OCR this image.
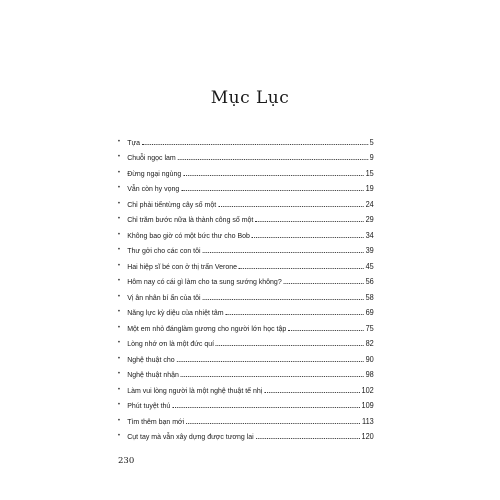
Mục Lục
• Tựa	5
• Chuỗi ngọc lam	9
• Đừng ngại ngùng	15
• Vẫn còn hy vọng	19
• Chỉ phải tiếntừng cây số một	24
• Chỉ trăm bước nữa là thành công số một	29
• Không bao giờ có một bức thư cho Bob	34
• Thư gởi cho các con tôi	39
• Hai hiệp sĩ bé con ở thị trấn Verone	45
• Hôm nay có cái gì làm cho ta sung sướng không?	56
• Vị ân nhân bí ẩn của tôi	58
• Năng lực kỳ diệu của nhiệt tâm	69
• Một em nhỏ đánglàm gương cho người lớn học tập	75
• Lòng nhớ ơn là một đức quí	82
• Nghệ thuật cho	90
• Nghệ thuật nhận	98
• Làm vui lòng người là một nghệ thuật tế nhị	102
• Phút tuyệt thú	109
• Tìm thêm bạn mới	113
• Cụt tay mà vẫn xây dựng được tương lai	120
230
